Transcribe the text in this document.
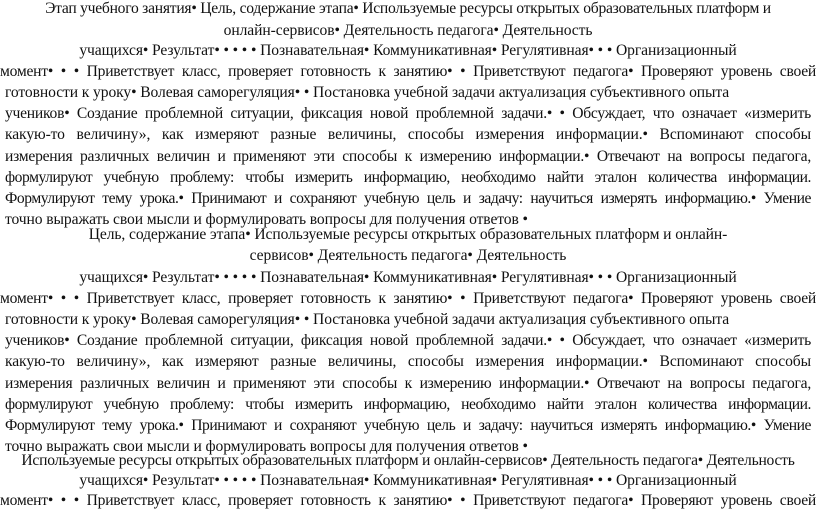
Этап учебного занятия• Цель, содержание этапа• Используемые ресурсы открытых образовательных платформ и
онлайн-сервисов• Деятельность педагога• Деятельность
учащихся• Результат• • • • • Познавательная• Коммуникативная• Регулятивная• • • Организационный
момент• • • Приветствует класс, проверяет готовность к занятию• • Приветствуют педагога• Проверяют уровень своей
готовности к уроку• Волевая саморегуляция• • Постановка учебной задачи актуализация субъективного опыта
учеников• Создание проблемной ситуации, фиксация новой проблемной задачи.• • Обсуждает, что означает «измерить
какую-то величину», как измеряют разные величины, способы измерения информации.• Вспоминают способы
измерения различных величин и применяют эти способы к измерению информации.• Отвечают на вопросы педагога,
формулируют учебную проблему: чтобы измерить информацию, необходимо найти эталон количества информации.
Формулируют тему урока.• Принимают и сохраняют учебную цель и задачу: научиться измерять информацию.• Умение
точно выражать свои мысли и формулировать вопросы для получения ответов •
Цель, содержание этапа• Используемые ресурсы открытых образовательных платформ и онлайн-
сервисов• Деятельность педагога• Деятельность
учащихся• Результат• • • • • Познавательная• Коммуникативная• Регулятивная• • • Организационный
момент• • • Приветствует класс, проверяет готовность к занятию• • Приветствуют педагога• Проверяют уровень своей
готовности к уроку• Волевая саморегуляция• • Постановка учебной задачи актуализация субъективного опыта
учеников• Создание проблемной ситуации, фиксация новой проблемной задачи.• • Обсуждает, что означает «измерить
какую-то величину», как измеряют разные величины, способы измерения информации.• Вспоминают способы
измерения различных величин и применяют эти способы к измерению информации.• Отвечают на вопросы педагога,
формулируют учебную проблему: чтобы измерить информацию, необходимо найти эталон количества информации.
Формулируют тему урока.• Принимают и сохраняют учебную цель и задачу: научиться измерять информацию.• Умение
точно выражать свои мысли и формулировать вопросы для получения ответов •
Используемые ресурсы открытых образовательных платформ и онлайн-сервисов• Деятельность педагога• Деятельность
учащихся• Результат• • • • • Познавательная• Коммуникативная• Регулятивная• • • Организационный
момент• • • Приветствует класс, проверяет готовность к занятию• • Приветствуют педагога• Проверяют уровень своей
